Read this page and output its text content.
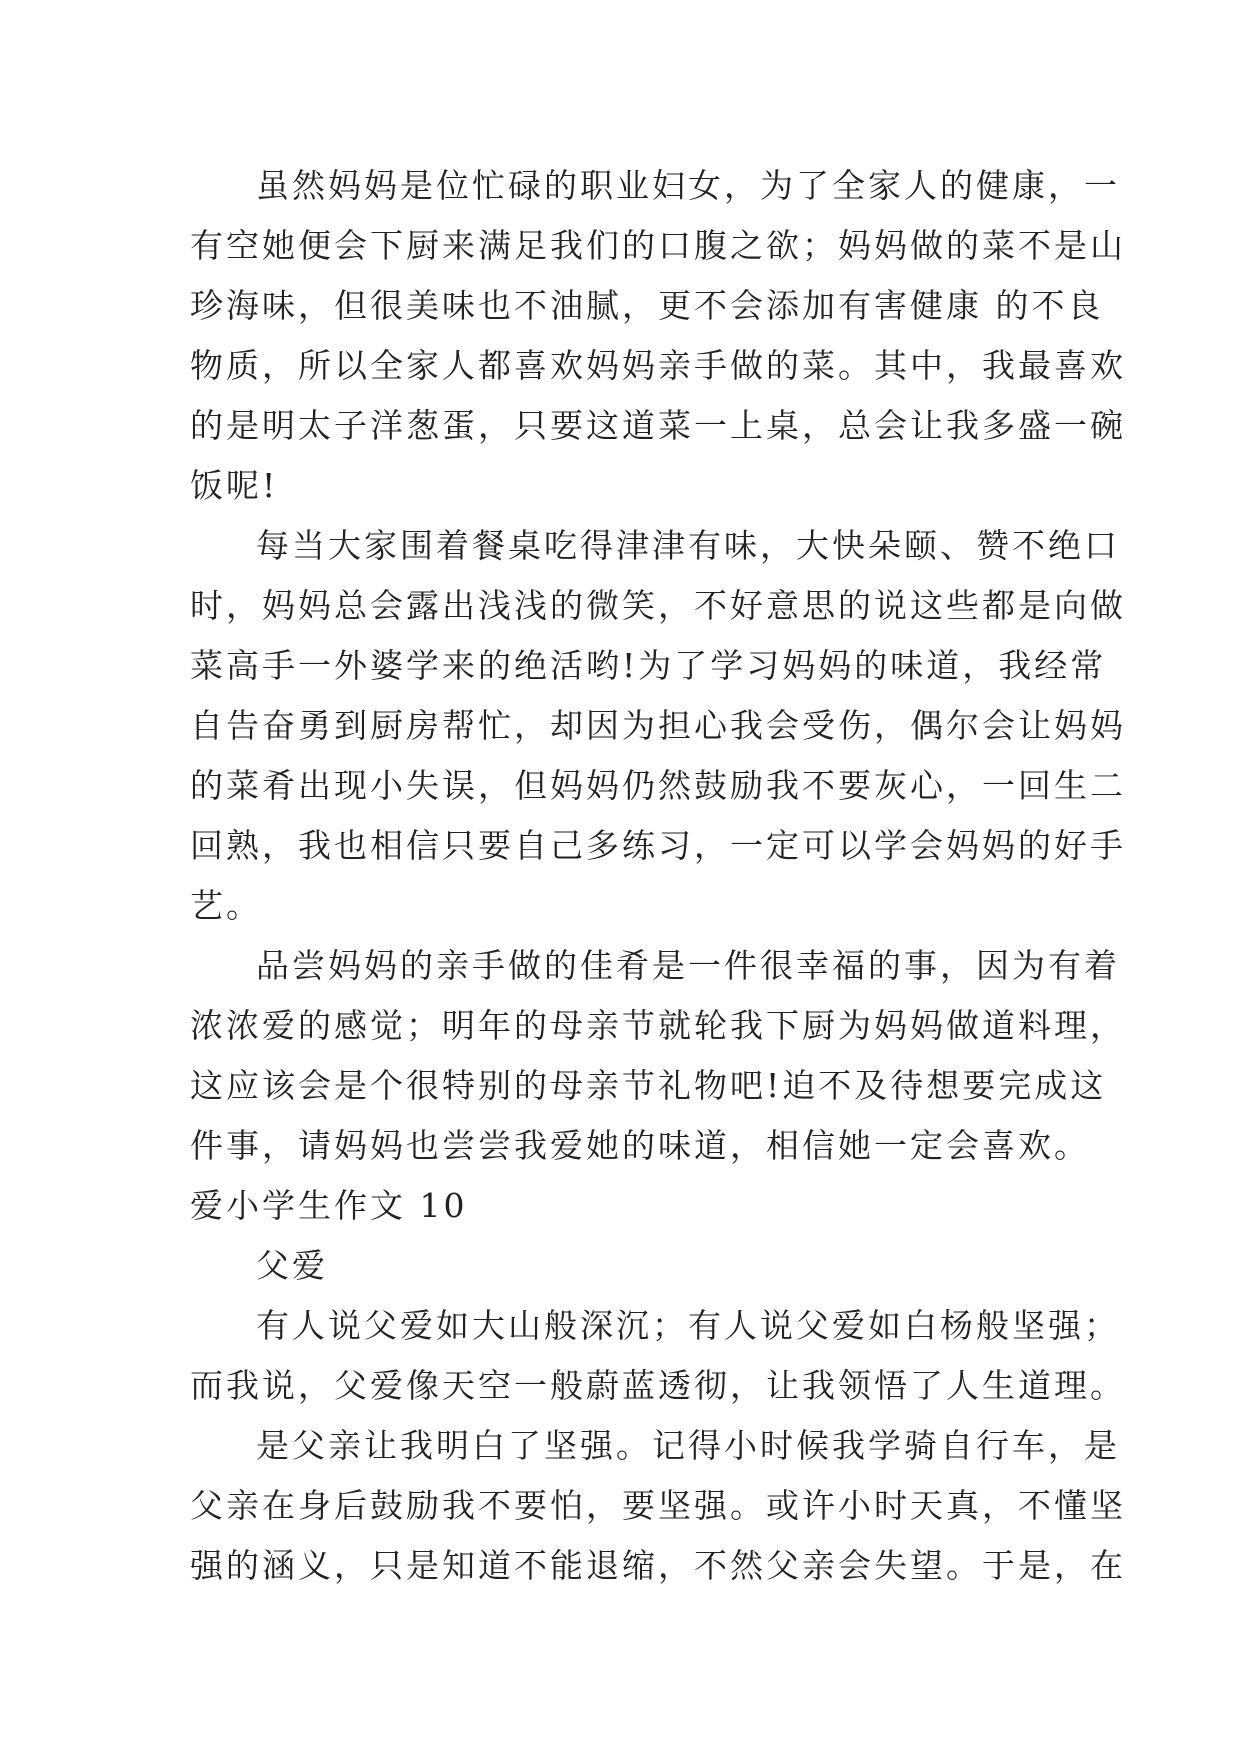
虽然妈妈是位忙碌的职业妇女，为了全家人的健康，一
有空她便会下厨来满足我们的口腹之欲；妈妈做的菜不是山
珍海味，但很美味也不油腻，更不会添加有害健康 的不良
物质，所以全家人都喜欢妈妈亲手做的菜。其中，我最喜欢
的是明太子洋葱蛋，只要这道菜一上桌，总会让我多盛一碗
饭呢!
每当大家围着餐桌吃得津津有味，大快朵颐、赞不绝口
时，妈妈总会露出浅浅的微笑，不好意思的说这些都是向做
菜高手一外婆学来的绝活哟!为了学习妈妈的味道，我经常
自告奋勇到厨房帮忙，却因为担心我会受伤，偶尔会让妈妈
的菜肴出现小失误，但妈妈仍然鼓励我不要灰心，一回生二
回熟，我也相信只要自己多练习，一定可以学会妈妈的好手
艺。
品尝妈妈的亲手做的佳肴是一件很幸福的事，因为有着
浓浓爱的感觉；明年的母亲节就轮我下厨为妈妈做道料理，
这应该会是个很特别的母亲节礼物吧!迫不及待想要完成这
件事，请妈妈也尝尝我爱她的味道，相信她一定会喜欢。
爱小学生作文 10
父爱
有人说父爱如大山般深沉；有人说父爱如白杨般坚强；
而我说，父爱像天空一般蔚蓝透彻，让我领悟了人生道理。
是父亲让我明白了坚强。记得小时候我学骑自行车，是
父亲在身后鼓励我不要怕，要坚强。或许小时天真，不懂坚
强的涵义，只是知道不能退缩，不然父亲会失望。于是，在
